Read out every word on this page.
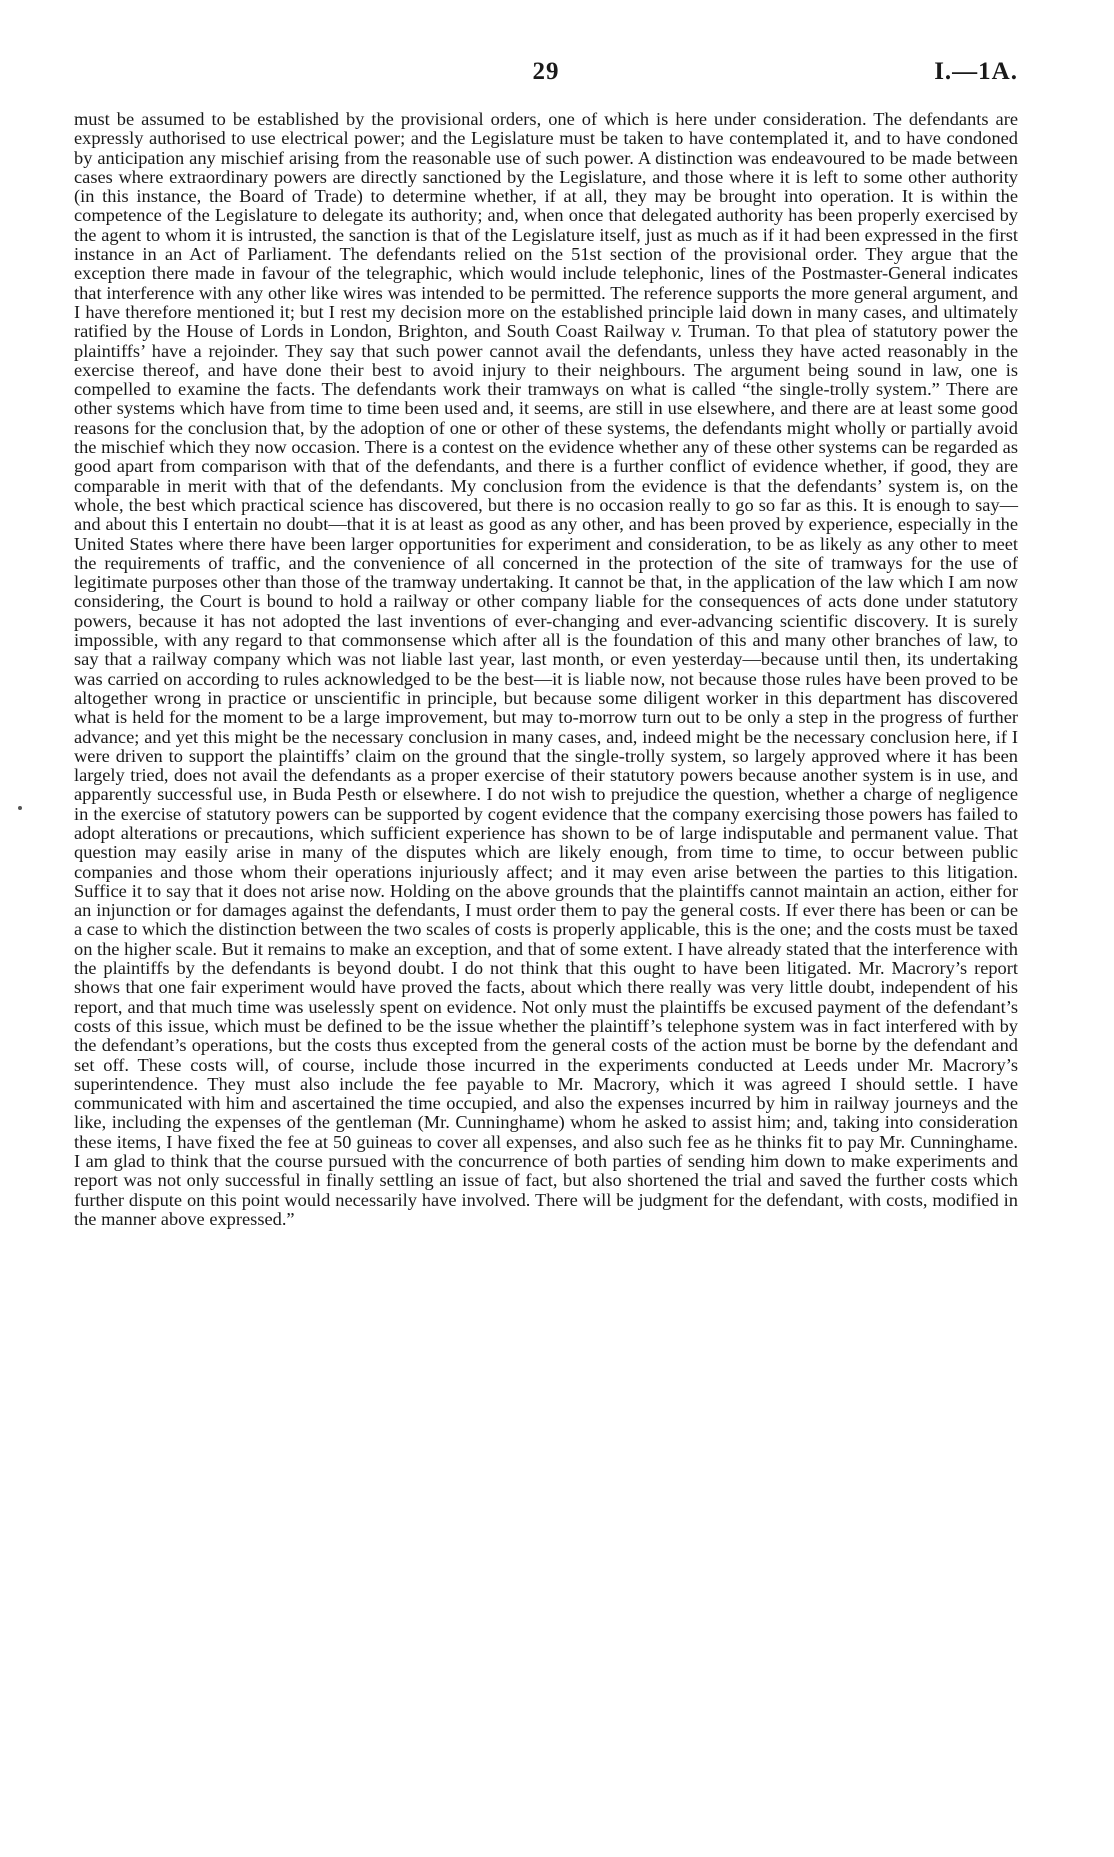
29	I.—1A.

must be assumed to be established by the provisional orders, one of which is here under consideration. The defendants are expressly authorised to use electrical power; and the Legislature must be taken to have contemplated it, and to have condoned by anticipation any mischief arising from the reasonable use of such power. A distinction was endeavoured to be made between cases where extraordinary powers are directly sanctioned by the Legislature, and those where it is left to some other authority (in this instance, the Board of Trade) to determine whether, if at all, they may be brought into operation. It is within the competence of the Legislature to delegate its authority; and, when once that delegated authority has been properly exercised by the agent to whom it is intrusted, the sanction is that of the Legislature itself, just as much as if it had been expressed in the first instance in an Act of Parliament. The defendants relied on the 51st section of the provisional order. They argue that the exception there made in favour of the telegraphic, which would include telephonic, lines of the Postmaster-General indicates that interference with any other like wires was intended to be permitted. The reference supports the more general argument, and I have therefore mentioned it; but I rest my decision more on the established principle laid down in many cases, and ultimately ratified by the House of Lords in London, Brighton, and South Coast Railway v. Truman. To that plea of statutory power the plaintiffs’ have a rejoinder. They say that such power cannot avail the defendants, unless they have acted reasonably in the exercise thereof, and have done their best to avoid injury to their neighbours. The argument being sound in law, one is compelled to examine the facts. The defendants work their tramways on what is called “the single-trolly system.” There are other systems which have from time to time been used and, it seems, are still in use elsewhere, and there are at least some good reasons for the conclusion that, by the adoption of one or other of these systems, the defendants might wholly or partially avoid the mischief which they now occasion. There is a contest on the evidence whether any of these other systems can be regarded as good apart from comparison with that of the defendants, and there is a further conflict of evidence whether, if good, they are comparable in merit with that of the defendants. My conclusion from the evidence is that the defendants’ system is, on the whole, the best which practical science has discovered, but there is no occasion really to go so far as this. It is enough to say—and about this I entertain no doubt—that it is at least as good as any other, and has been proved by experience, especially in the United States where there have been larger opportunities for experiment and consideration, to be as likely as any other to meet the requirements of traffic, and the convenience of all concerned in the protection of the site of tramways for the use of legitimate purposes other than those of the tramway undertaking. It cannot be that, in the application of the law which I am now considering, the Court is bound to hold a railway or other company liable for the consequences of acts done under statutory powers, because it has not adopted the last inventions of ever-changing and ever-advancing scientific discovery. It is surely impossible, with any regard to that commonsense which after all is the foundation of this and many other branches of law, to say that a railway company which was not liable last year, last month, or even yesterday—because until then, its undertaking was carried on according to rules acknowledged to be the best—it is liable now, not because those rules have been proved to be altogether wrong in practice or unscientific in principle, but because some diligent worker in this department has discovered what is held for the moment to be a large improvement, but may to-morrow turn out to be only a step in the progress of further advance; and yet this might be the necessary conclusion in many cases, and, indeed might be the necessary conclusion here, if I were driven to support the plaintiffs’ claim on the ground that the single-trolly system, so largely approved where it has been largely tried, does not avail the defendants as a proper exercise of their statutory powers because another system is in use, and apparently successful use, in Buda Pesth or elsewhere. I do not wish to prejudice the question, whether a charge of negligence in the exercise of statutory powers can be supported by cogent evidence that the company exercising those powers has failed to adopt alterations or precautions, which sufficient experience has shown to be of large indisputable and permanent value. That question may easily arise in many of the disputes which are likely enough, from time to time, to occur between public companies and those whom their operations injuriously affect; and it may even arise between the parties to this litigation. Suffice it to say that it does not arise now. Holding on the above grounds that the plaintiffs cannot maintain an action, either for an injunction or for damages against the defendants, I must order them to pay the general costs. If ever there has been or can be a case to which the distinction between the two scales of costs is properly applicable, this is the one; and the costs must be taxed on the higher scale. But it remains to make an exception, and that of some extent. I have already stated that the interference with the plaintiffs by the defendants is beyond doubt. I do not think that this ought to have been litigated. Mr. Macrory’s report shows that one fair experiment would have proved the facts, about which there really was very little doubt, independent of his report, and that much time was uselessly spent on evidence. Not only must the plaintiffs be excused payment of the defendant’s costs of this issue, which must be defined to be the issue whether the plaintiff’s telephone system was in fact interfered with by the defendant’s operations, but the costs thus excepted from the general costs of the action must be borne by the defendant and set off. These costs will, of course, include those incurred in the experiments conducted at Leeds under Mr. Macrory’s superintendence. They must also include the fee payable to Mr. Macrory, which it was agreed I should settle. I have communicated with him and ascertained the time occupied, and also the expenses incurred by him in railway journeys and the like, including the expenses of the gentleman (Mr. Cunninghame) whom he asked to assist him; and, taking into consideration these items, I have fixed the fee at 50 guineas to cover all expenses, and also such fee as he thinks fit to pay Mr. Cunninghame. I am glad to think that the course pursued with the concurrence of both parties of sending him down to make experiments and report was not only successful in finally settling an issue of fact, but also shortened the trial and saved the further costs which further dispute on this point would necessarily have involved. There will be judgment for the defendant, with costs, modified in the manner above expressed.”
